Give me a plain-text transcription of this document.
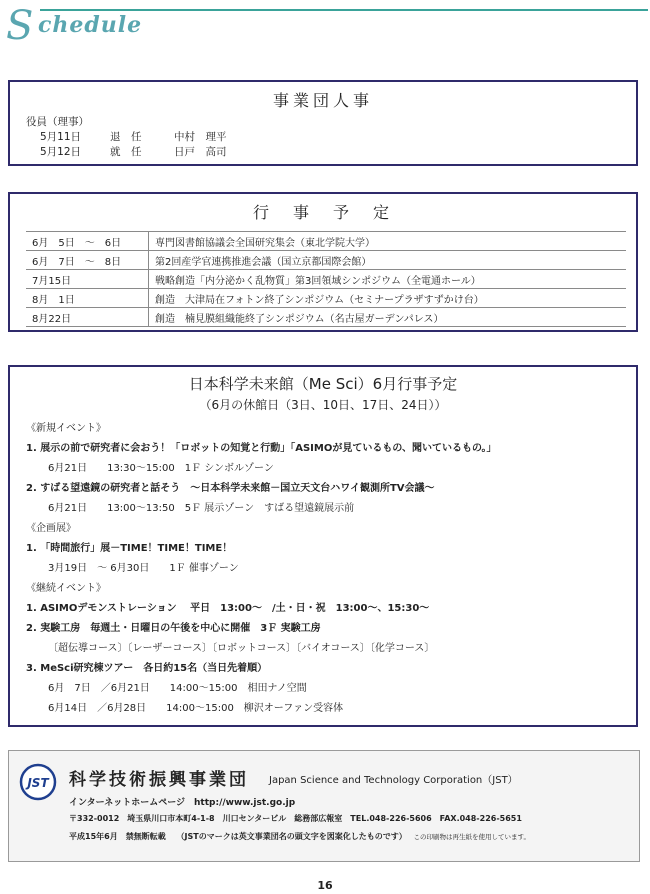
S chedule
事業団人事
役員（理事）
5月11日	退　任	中村　理平
5月12日	就　任	日戸　高司
行　事　予　定
6月　5日　～　6日	専門図書館協議会全国研究集会（東北学院大学）
6月　7日　～　8日	第2回産学官連携推進会議（国立京都国際会館）
7月15日	戦略創造「内分泌かく乱物質」第3回領域シンポジウム（全電通ホール）
8月　1日	創造　大津局在フォトン終了シンポジウム（セミナープラザすずかけ台）
8月22日	創造　楠見膜組織能終了シンポジウム（名古屋ガーデンパレス）
日本科学未来館（Me Sci）6月行事予定
（6月の休館日（3日、10日、17日、24日））
《新規イベント》
1. 展示の前で研究者に会おう！「ロボットの知覚と行動」「ASIMOが見ているもの、聞いているもの。」
6月21日　　13:30～15:00　1Ｆ シンボルゾーン
2. すばる望遠鏡の研究者と話そう　～日本科学未来館－国立天文台ハワイ観測所TV会議～
6月21日　　13:00～13:50　5Ｆ 展示ゾーン　すばる望遠鏡展示前
《企画展》
1. 「時間旅行」展－TIME！TIME！TIME！
3月19日　～ 6月30日　　1Ｆ 催事ゾーン
《継続イベント》
1. ASIMOデモンストレーション　 平日　13:00～　/土・日・祝　13:00～、15:30～
2. 実験工房　毎週土・日曜日の午後を中心に開催　3Ｆ 実験工房
〔超伝導コース〕〔レーザーコース〕〔ロボットコース〕〔バイオコース〕〔化学コース〕
3. MeSci研究棟ツアー　各日約15名（当日先着順）
6月　7日　／6月21日　　14:00～15:00　相田ナノ空間
6月14日　／6月28日　　14:00～15:00　柳沢オーファン受容体
JST 科学技術振興事業団 Japan Science and Technology Corporation（JST）
インターネットホームページ　http://www.jst.go.jp
〒332-0012　埼玉県川口市本町4-1-8　川口センタービル　総務部広報室　TEL.048-226-5606　FAX.048-226-5651
平成15年6月　禁無断転載 （JSTのマークは英文事業団名の頭文字を図案化したものです） この印刷物は再生紙を使用しています。
16
